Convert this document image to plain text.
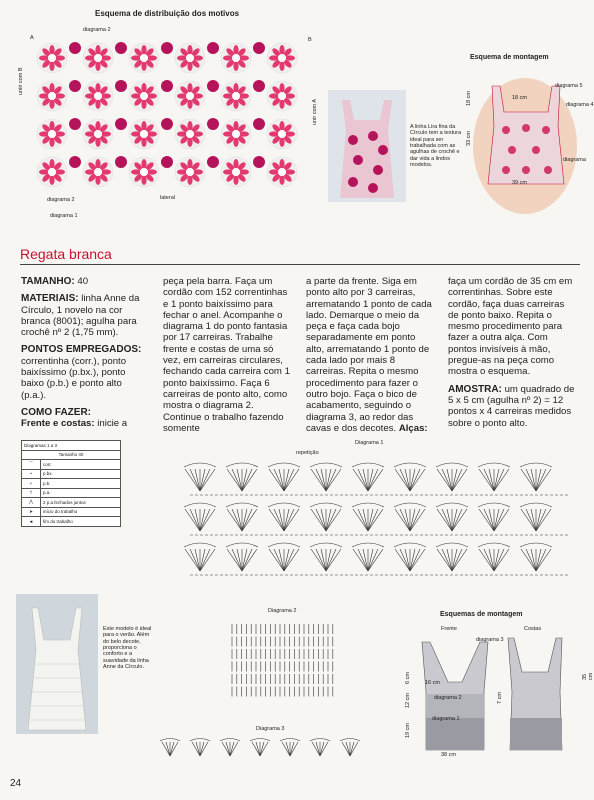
Esquema de distribuição dos motivos
A	B
diagrama 2
diagrama 2
diagrama 1
lateral
uniir com B
unir com A
A linha Lira fina da Círculo tem a textura ideal para ser trabalhada com as agulhas de crochê e dar vida a lindos modelos.
Esquema de montagem
diagrama 5
diagrama 4
diagrama
18 cm
18 cm
33 cm
39 cm
Regata branca

TAMANHO: 40

MATERIAIS: linha Anne da Círculo, 1 novelo na cor branca (8001); agulha para crochê nº 2 (1,75 mm).

PONTOS EMPREGADOS:
correntinha (corr.), ponto baixíssimo (p.bx.), ponto baixo (p.b.) e ponto alto (p.a.).

COMO FAZER:
Frente e costas: inicie a

peça pela barra. Faça um cordão com 152 correntinhas e 1 ponto baixíssimo para fechar o anel. Acompanhe o diagrama 1 do ponto fantasia por 17 carreiras. Trabalhe frente e costas de uma só vez, em carreiras circulares, fechando cada carreira com 1 ponto baixíssimo. Faça 6 carreiras de ponto alto, como mostra o diagrama 2. Continue o trabalho fazendo somente
a parte da frente. Siga em ponto alto por 3 carreiras, arrematando 1 ponto de cada lado. Demarque o meio da peça e faça cada bojo separadamente em ponto alto, arrematando 1 ponto de cada lado por mais 8 carreiras. Repita o mesmo procedimento para fazer o outro bojo. Faça o bico de acabamento, seguindo o diagrama 3, ao redor das cavas e dos decotes. Alças:

faça um cordão de 35 cm em correntinhas. Sobre este cordão, faça duas carreiras de ponto baixo. Repita o mesmo procedimento para fazer a outra alça. Com pontos invisíveis à mão, pregue-as na peça como mostra o esquema.

AMOSTRA: um quadrado de 5 x 5 cm (agulha nº 2) = 12 pontos x 4 carreiras medidos sobre o ponto alto.

Diagramas 1 a 3	
Tamanho 40	
⌒	corr.
•	p.bx.
+	p.b.
†	p.a.
⋀	2 p.a.fechados juntos
➤	início do trabalho
◄	fim do trabalho
Diagrama 1
repetição
Este modelo é ideal para o verão. Além do belo decote, proporciona o conforto e a suavidade da linha Anne da Círculo.
Diagrama 2
Diagrama 3
Esquemas de montagem
Frente	Costas
diagrama 3
diagrama 2
diagrama 1
16 cm
38 cm
6 cm
12 cm
19 cm
7 cm
35 cm
24
